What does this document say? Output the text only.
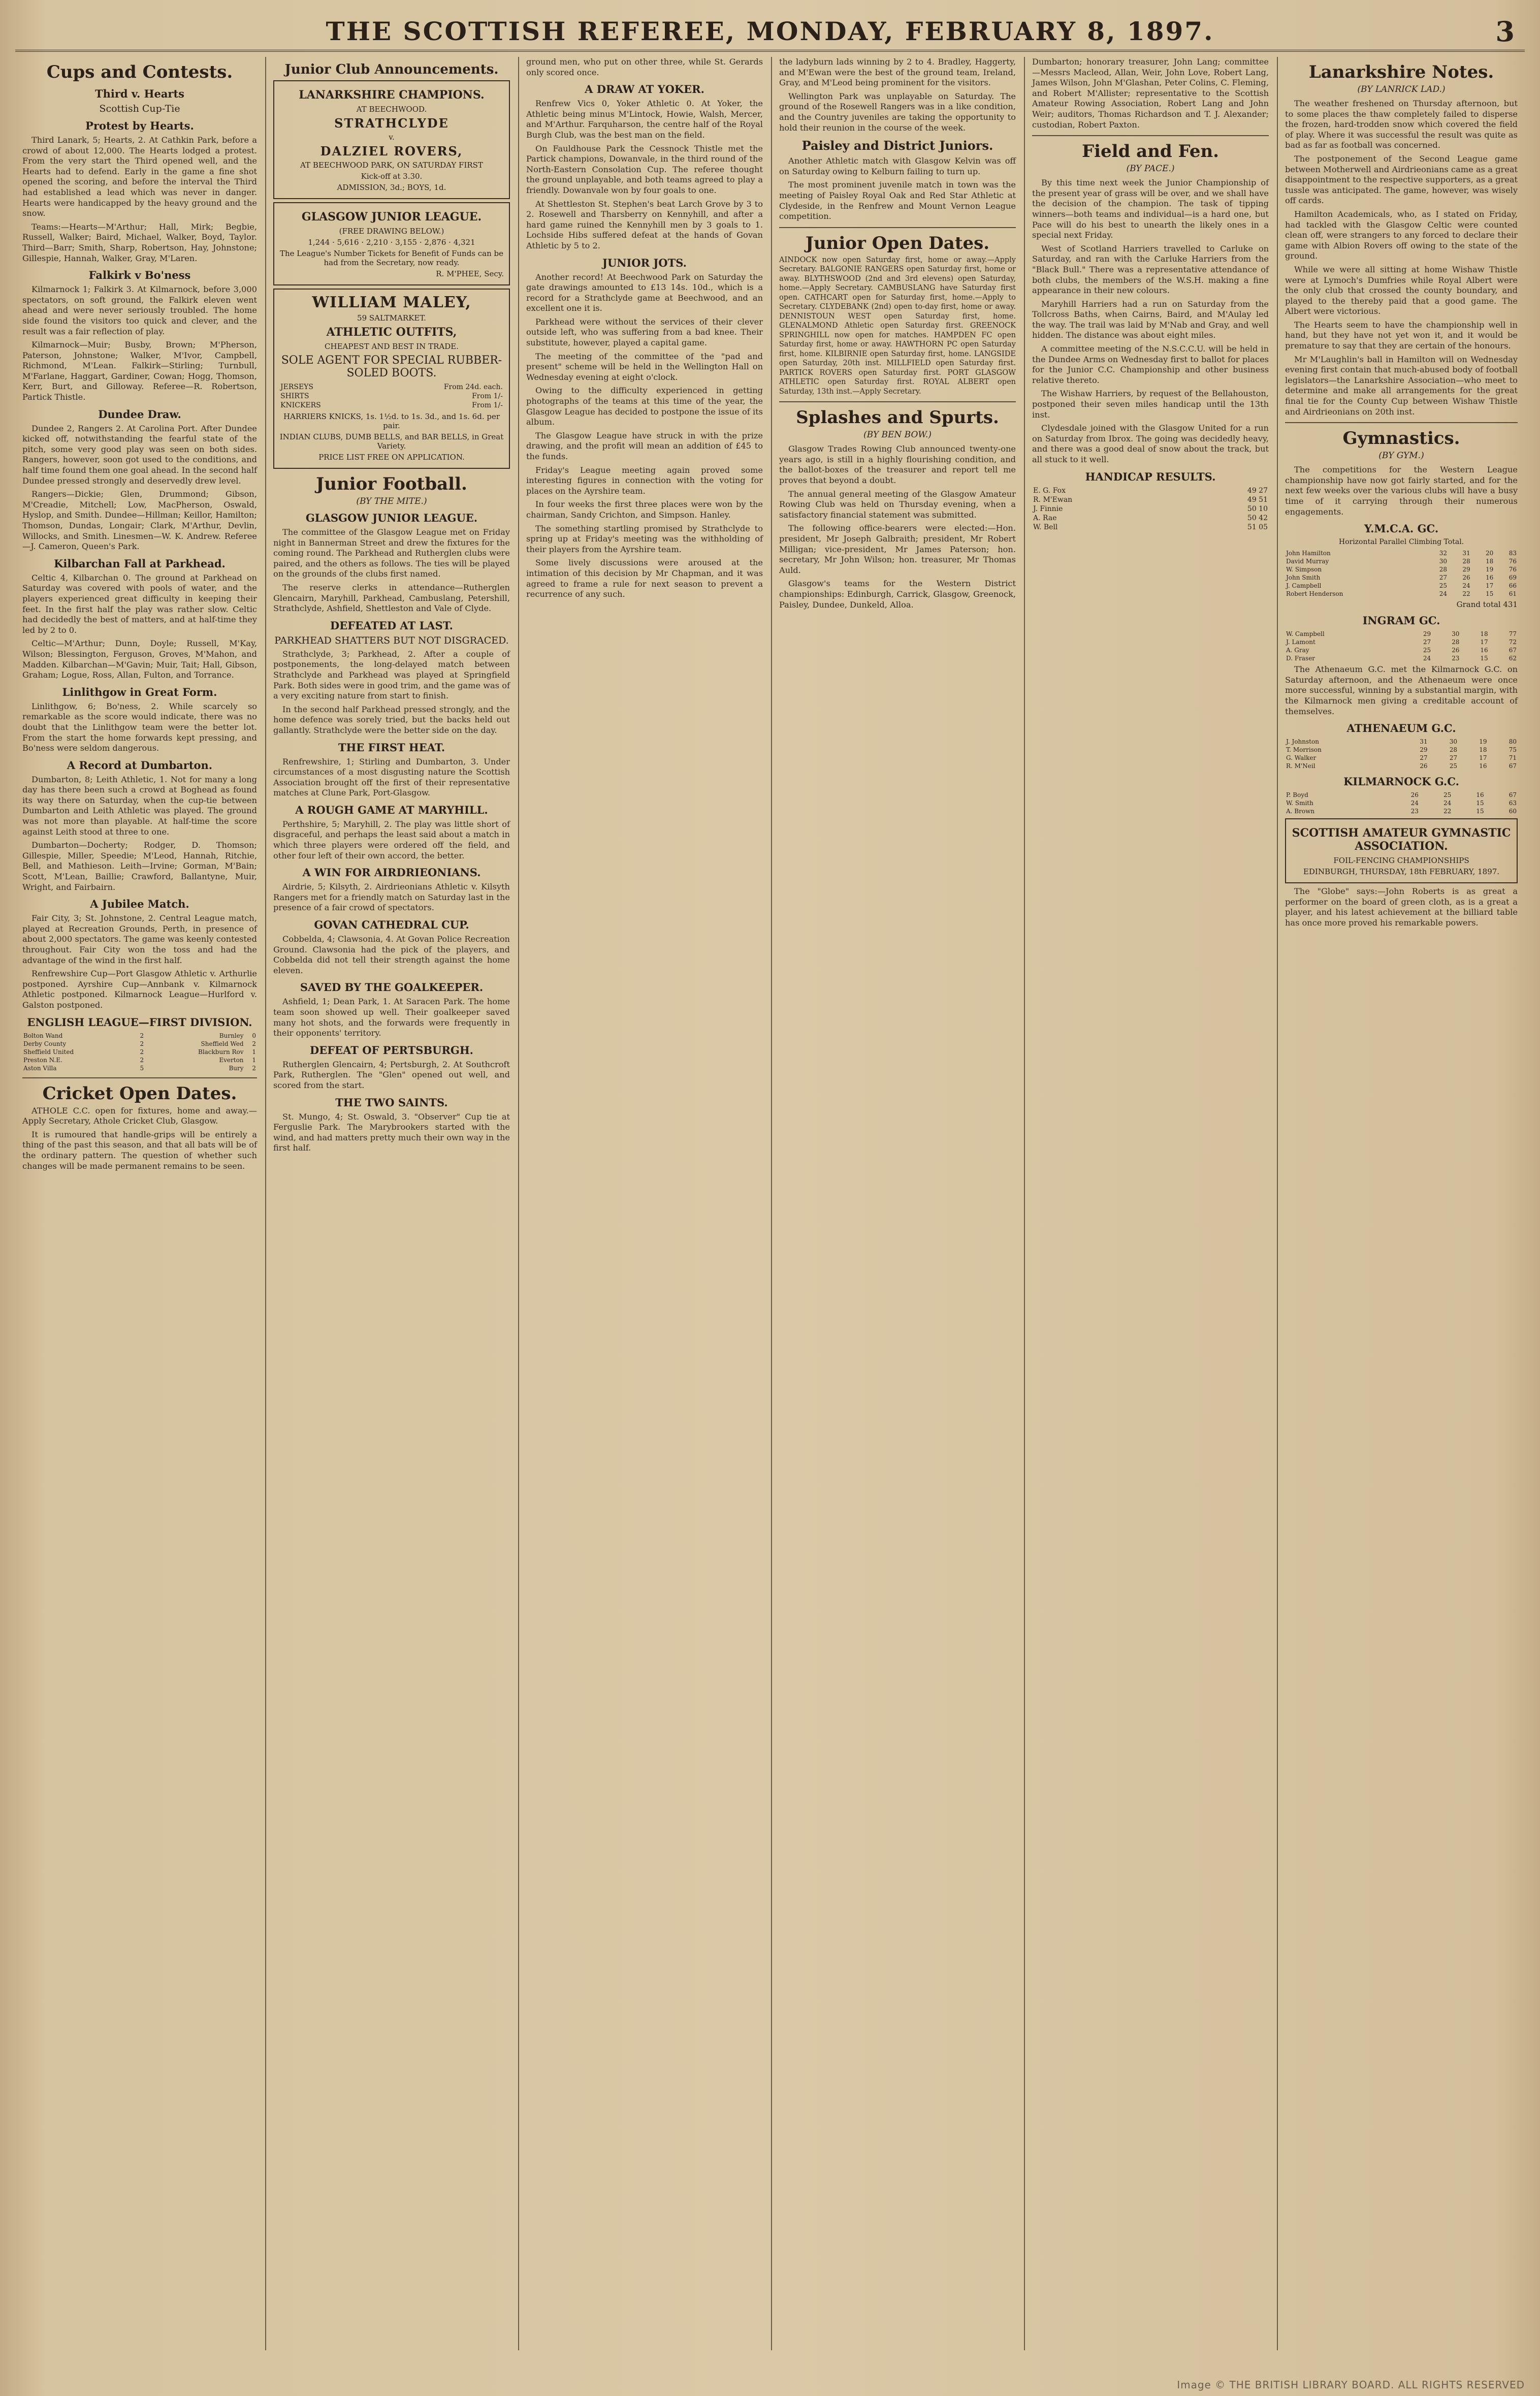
THE SCOTTISH REFEREE, MONDAY, FEBRUARY 8, 1897.	3
Cups and Contests.
Third v. Hearts
Scottish Cup-Tie
Protest by Hearts.

Third Lanark, 5; Hearts, 2. At Cathkin Park, before a crowd of about 12,000. The Hearts lodged a protest. From the very start the Third opened well, and the Hearts had to defend. Early in the game a fine shot opened the scoring, and before the interval the Third had established a lead which was never in danger. Hearts were handicapped by the heavy ground and the snow.

Teams:—Hearts—M'Arthur; Hall, Mirk; Begbie, Russell, Walker; Baird, Michael, Walker, Boyd, Taylor. Third—Barr; Smith, Sharp, Robertson, Hay, Johnstone; Gillespie, Hannah, Walker, Gray, M'Laren.

Falkirk v Bo'ness

Kilmarnock 1; Falkirk 3. At Kilmarnock, before 3,000 spectators, on soft ground, the Falkirk eleven went ahead and were never seriously troubled. The home side found the visitors too quick and clever, and the result was a fair reflection of play.

Kilmarnock—Muir; Busby, Brown; M'Pherson, Paterson, Johnstone; Walker, M'Ivor, Campbell, Richmond, M'Lean. Falkirk—Stirling; Turnbull, M'Farlane, Haggart, Gardiner, Cowan; Hogg, Thomson, Kerr, Burt, and Gilloway. Referee—R. Robertson, Partick Thistle.

Dundee Draw.

Dundee 2, Rangers 2. At Carolina Port. After Dundee kicked off, notwithstanding the fearful state of the pitch, some very good play was seen on both sides. Rangers, however, soon got used to the conditions, and half time found them one goal ahead. In the second half Dundee pressed strongly and deservedly drew level.

Rangers—Dickie; Glen, Drummond; Gibson, M'Creadie, Mitchell; Low, MacPherson, Oswald, Hyslop, and Smith. Dundee—Hillman; Keillor, Hamilton; Thomson, Dundas, Longair; Clark, M'Arthur, Devlin, Willocks, and Smith. Linesmen—W. K. Andrew. Referee—J. Cameron, Queen's Park.

Kilbarchan Fall at Parkhead.

Celtic 4, Kilbarchan 0. The ground at Parkhead on Saturday was covered with pools of water, and the players experienced great difficulty in keeping their feet. In the first half the play was rather slow. Celtic had decidedly the best of matters, and at half-time they led by 2 to 0.

Celtic—M'Arthur; Dunn, Doyle; Russell, M'Kay, Wilson; Blessington, Ferguson, Groves, M'Mahon, and Madden. Kilbarchan—M'Gavin; Muir, Tait; Hall, Gibson, Graham; Logue, Ross, Allan, Fulton, and Torrance.

Linlithgow in Great Form.

Linlithgow, 6; Bo'ness, 2. While scarcely so remarkable as the score would indicate, there was no doubt that the Linlithgow team were the better lot. From the start the home forwards kept pressing, and Bo'ness were seldom dangerous.

A Record at Dumbarton.

Dumbarton, 8; Leith Athletic, 1. Not for many a long day has there been such a crowd at Boghead as found its way there on Saturday, when the cup-tie between Dumbarton and Leith Athletic was played. The ground was not more than playable. At half-time the score against Leith stood at three to one.

Dumbarton—Docherty; Rodger, D. Thomson; Gillespie, Miller, Speedie; M'Leod, Hannah, Ritchie, Bell, and Mathieson. Leith—Irvine; Gorman, M'Bain; Scott, M'Lean, Baillie; Crawford, Ballantyne, Muir, Wright, and Fairbairn.

A Jubilee Match.

Fair City, 3; St. Johnstone, 2. Central League match, played at Recreation Grounds, Perth, in presence of about 2,000 spectators. The game was keenly contested throughout. Fair City won the toss and had the advantage of the wind in the first half.

Renfrewshire Cup—Port Glasgow Athletic v. Arthurlie postponed. Ayrshire Cup—Annbank v. Kilmarnock Athletic postponed. Kilmarnock League—Hurlford v. Galston postponed.

ENGLISH LEAGUE—FIRST DIVISION.
Bolton Wand	2	Burnley	0
Derby County	2	Sheffield Wed	2
Sheffield United	2	Blackburn Rov	1
Preston N.E.	2	Everton	1
Aston Villa	5	Bury	2
Cricket Open Dates.

ATHOLE C.C. open for fixtures, home and away.—Apply Secretary, Athole Cricket Club, Glasgow.

It is rumoured that handle-grips will be entirely a thing of the past this season, and that all bats will be of the ordinary pattern. The question of whether such changes will be made permanent remains to be seen.

Junior Club Announcements.
LANARKSHIRE CHAMPIONS.
AT BEECHWOOD.
STRATHCLYDE
v.
DALZIEL ROVERS,
AT BEECHWOOD PARK, ON SATURDAY FIRST
Kick-off at 3.30.
ADMISSION, 3d.; BOYS, 1d.
GLASGOW JUNIOR LEAGUE.
(FREE DRAWING BELOW.)
1,244 · 5,616 · 2,210 · 3,155 · 2,876 · 4,321
The League's Number Tickets for Benefit of Funds can be had from the Secretary, now ready.
R. M'PHEE, Secy.
WILLIAM MALEY,
59 SALTMARKET.
ATHLETIC OUTFITS,
CHEAPEST AND BEST IN TRADE.
SOLE AGENT FOR SPECIAL RUBBER-SOLED BOOTS.
JERSEYS	From 24d. each.
SHIRTS	From 1/-
KNICKERS	From 1/-
HARRIERS KNICKS, 1s. 1½d. to 1s. 3d., and 1s. 6d. per pair.
INDIAN CLUBS, DUMB BELLS, and BAR BELLS, in Great Variety.
PRICE LIST FREE ON APPLICATION.
Junior Football.
(BY THE MITE.)
GLASGOW JUNIOR LEAGUE.

The committee of the Glasgow League met on Friday night in Bannerman Street and drew the fixtures for the coming round. The Parkhead and Rutherglen clubs were paired, and the others as follows. The ties will be played on the grounds of the clubs first named.

The reserve clerks in attendance—Rutherglen Glencairn, Maryhill, Parkhead, Cambuslang, Petershill, Strathclyde, Ashfield, Shettleston and Vale of Clyde.

DEFEATED AT LAST.
PARKHEAD SHATTERS BUT NOT DISGRACED.

Strathclyde, 3; Parkhead, 2. After a couple of postponements, the long-delayed match between Strathclyde and Parkhead was played at Springfield Park. Both sides were in good trim, and the game was of a very exciting nature from start to finish.

In the second half Parkhead pressed strongly, and the home defence was sorely tried, but the backs held out gallantly. Strathclyde were the better side on the day.

THE FIRST HEAT.

Renfrewshire, 1; Stirling and Dumbarton, 3. Under circumstances of a most disgusting nature the Scottish Association brought off the first of their representative matches at Clune Park, Port-Glasgow.

A ROUGH GAME AT MARYHILL.

Perthshire, 5; Maryhill, 2. The play was little short of disgraceful, and perhaps the least said about a match in which three players were ordered off the field, and other four left of their own accord, the better.

A WIN FOR AIRDRIEONIANS.

Airdrie, 5; Kilsyth, 2. Airdrieonians Athletic v. Kilsyth Rangers met for a friendly match on Saturday last in the presence of a fair crowd of spectators.

GOVAN CATHEDRAL CUP.

Cobbelda, 4; Clawsonia, 4. At Govan Police Recreation Ground. Clawsonia had the pick of the players, and Cobbelda did not tell their strength against the home eleven.

SAVED BY THE GOALKEEPER.

Ashfield, 1; Dean Park, 1. At Saracen Park. The home team soon showed up well. Their goalkeeper saved many hot shots, and the forwards were frequently in their opponents' territory.

DEFEAT OF PERTSBURGH.

Rutherglen Glencairn, 4; Pertsburgh, 2. At Southcroft Park, Rutherglen. The "Glen" opened out well, and scored from the start.

THE TWO SAINTS.

St. Mungo, 4; St. Oswald, 3. "Observer" Cup tie at Ferguslie Park. The Marybrookers started with the wind, and had matters pretty much their own way in the first half.

ground men, who put on other three, while St. Gerards only scored once.

A DRAW AT YOKER.

Renfrew Vics 0, Yoker Athletic 0. At Yoker, the Athletic being minus M'Lintock, Howie, Walsh, Mercer, and M'Arthur. Farquharson, the centre half of the Royal Burgh Club, was the best man on the field.

On Fauldhouse Park the Cessnock Thistle met the Partick champions, Dowanvale, in the third round of the North-Eastern Consolation Cup. The referee thought the ground unplayable, and both teams agreed to play a friendly. Dowanvale won by four goals to one.

At Shettleston St. Stephen's beat Larch Grove by 3 to 2. Rosewell and Tharsberry on Kennyhill, and after a hard game ruined the Kennyhill men by 3 goals to 1. Lochside Hibs suffered defeat at the hands of Govan Athletic by 5 to 2.

JUNIOR JOTS.

Another record! At Beechwood Park on Saturday the gate drawings amounted to £13 14s. 10d., which is a record for a Strathclyde game at Beechwood, and an excellent one it is.

Parkhead were without the services of their clever outside left, who was suffering from a bad knee. Their substitute, however, played a capital game.

The meeting of the committee of the "pad and present" scheme will be held in the Wellington Hall on Wednesday evening at eight o'clock.

Owing to the difficulty experienced in getting photographs of the teams at this time of the year, the Glasgow League has decided to postpone the issue of its album.

The Glasgow League have struck in with the prize drawing, and the profit will mean an addition of £45 to the funds.

Friday's League meeting again proved some interesting figures in connection with the voting for places on the Ayrshire team.

In four weeks the first three places were won by the chairman, Sandy Crichton, and Simpson. Hanley.

The something startling promised by Strathclyde to spring up at Friday's meeting was the withholding of their players from the Ayrshire team.

Some lively discussions were aroused at the intimation of this decision by Mr Chapman, and it was agreed to frame a rule for next season to prevent a recurrence of any such.

the ladyburn lads winning by 2 to 4. Bradley, Haggerty, and M'Ewan were the best of the ground team, Ireland, Gray, and M'Leod being prominent for the visitors.

Wellington Park was unplayable on Saturday. The ground of the Rosewell Rangers was in a like condition, and the Country juveniles are taking the opportunity to hold their reunion in the course of the week.

Paisley and District Juniors.

Another Athletic match with Glasgow Kelvin was off on Saturday owing to Kelburn failing to turn up.

The most prominent juvenile match in town was the meeting of Paisley Royal Oak and Red Star Athletic at Clydeside, in the Renfrew and Mount Vernon League competition.

Junior Open Dates.

AINDOCK now open Saturday first, home or away.—Apply Secretary. BALGONIE RANGERS open Saturday first, home or away. BLYTHSWOOD (2nd and 3rd elevens) open Saturday, home.—Apply Secretary. CAMBUSLANG have Saturday first open. CATHCART open for Saturday first, home.—Apply to Secretary. CLYDEBANK (2nd) open to-day first, home or away. DENNISTOUN WEST open Saturday first, home. GLENALMOND Athletic open Saturday first. GREENOCK SPRINGHILL now open for matches. HAMPDEN FC open Saturday first, home or away. HAWTHORN PC open Saturday first, home. KILBIRNIE open Saturday first, home. LANGSIDE open Saturday, 20th inst. MILLFIELD open Saturday first. PARTICK ROVERS open Saturday first. PORT GLASGOW ATHLETIC open Saturday first. ROYAL ALBERT open Saturday, 13th inst.—Apply Secretary.

Splashes and Spurts.
(BY BEN BOW.)

Glasgow Trades Rowing Club announced twenty-one years ago, is still in a highly flourishing condition, and the ballot-boxes of the treasurer and report tell me proves that beyond a doubt.

The annual general meeting of the Glasgow Amateur Rowing Club was held on Thursday evening, when a satisfactory financial statement was submitted.

The following office-bearers were elected:—Hon. president, Mr Joseph Galbraith; president, Mr Robert Milligan; vice-president, Mr James Paterson; hon. secretary, Mr John Wilson; hon. treasurer, Mr Thomas Auld.

Glasgow's teams for the Western District championships: Edinburgh, Carrick, Glasgow, Greenock, Paisley, Dundee, Dunkeld, Alloa.

Dumbarton; honorary treasurer, John Lang; committee—Messrs Macleod, Allan, Weir, John Love, Robert Lang, James Wilson, John M'Glashan, Peter Colins, C. Fleming, and Robert M'Allister; representative to the Scottish Amateur Rowing Association, Robert Lang and John Weir; auditors, Thomas Richardson and T. J. Alexander; custodian, Robert Paxton.

Field and Fen.
(BY PACE.)

By this time next week the Junior Championship of the present year of grass will be over, and we shall have the decision of the champion. The task of tipping winners—both teams and individual—is a hard one, but Pace will do his best to unearth the likely ones in a special next Friday.

West of Scotland Harriers travelled to Carluke on Saturday, and ran with the Carluke Harriers from the "Black Bull." There was a representative attendance of both clubs, the members of the W.S.H. making a fine appearance in their new colours.

Maryhill Harriers had a run on Saturday from the Tollcross Baths, when Cairns, Baird, and M'Aulay led the way. The trail was laid by M'Nab and Gray, and well hidden. The distance was about eight miles.

A committee meeting of the N.S.C.C.U. will be held in the Dundee Arms on Wednesday first to ballot for places for the Junior C.C. Championship and other business relative thereto.

The Wishaw Harriers, by request of the Bellahouston, postponed their seven miles handicap until the 13th inst.

Clydesdale joined with the Glasgow United for a run on Saturday from Ibrox. The going was decidedly heavy, and there was a good deal of snow about the track, but all stuck to it well.

HANDICAP RESULTS.
E. G. Fox	49 27
R. M'Ewan	49 51
J. Finnie	50 10
A. Rae	50 42
W. Bell	51 05
Lanarkshire Notes.
(BY LANRICK LAD.)

The weather freshened on Thursday afternoon, but to some places the thaw completely failed to disperse the frozen, hard-trodden snow which covered the field of play. Where it was successful the result was quite as bad as far as football was concerned.

The postponement of the Second League game between Motherwell and Airdrieonians came as a great disappointment to the respective supporters, as a great tussle was anticipated. The game, however, was wisely off cards.

Hamilton Academicals, who, as I stated on Friday, had tackled with the Glasgow Celtic were counted clean off, were strangers to any forced to declare their game with Albion Rovers off owing to the state of the ground.

While we were all sitting at home Wishaw Thistle were at Lymoch's Dumfries while Royal Albert were the only club that crossed the county boundary, and played to the thereby paid that a good game. The Albert were victorious.

The Hearts seem to have the championship well in hand, but they have not yet won it, and it would be premature to say that they are certain of the honours.

Mr M'Laughlin's ball in Hamilton will on Wednesday evening first contain that much-abused body of football legislators—the Lanarkshire Association—who meet to determine and make all arrangements for the great final tie for the County Cup between Wishaw Thistle and Airdrieonians on 20th inst.

Gymnastics.
(BY GYM.)

The competitions for the Western League championship have now got fairly started, and for the next few weeks over the various clubs will have a busy time of it carrying through their numerous engagements.

Y.M.C.A. GC.
Horizontal Parallel Climbing Total.
John Hamilton	32	31	20	83
David Murray	30	28	18	76
W. Simpson	28	29	19	76
John Smith	27	26	16	69
J. Campbell	25	24	17	66
Robert Henderson	24	22	15	61
Grand total 431
INGRAM GC.
W. Campbell	29	30	18	77
J. Lamont	27	28	17	72
A. Gray	25	26	16	67
D. Fraser	24	23	15	62

The Athenaeum G.C. met the Kilmarnock G.C. on Saturday afternoon, and the Athenaeum were once more successful, winning by a substantial margin, with the Kilmarnock men giving a creditable account of themselves.

ATHENAEUM G.C.
J. Johnston	31	30	19	80
T. Morrison	29	28	18	75
G. Walker	27	27	17	71
R. M'Neil	26	25	16	67
KILMARNOCK G.C.
P. Boyd	26	25	16	67
W. Smith	24	24	15	63
A. Brown	23	22	15	60
SCOTTISH AMATEUR GYMNASTIC ASSOCIATION.
FOIL-FENCING CHAMPIONSHIPS
EDINBURGH, THURSDAY, 18th FEBRUARY, 1897.

The "Globe" says:—John Roberts is as great a performer on the board of green cloth, as is a great a player, and his latest achievement at the billiard table has once more proved his remarkable powers.

Image © THE BRITISH LIBRARY BOARD. ALL RIGHTS RESERVED
